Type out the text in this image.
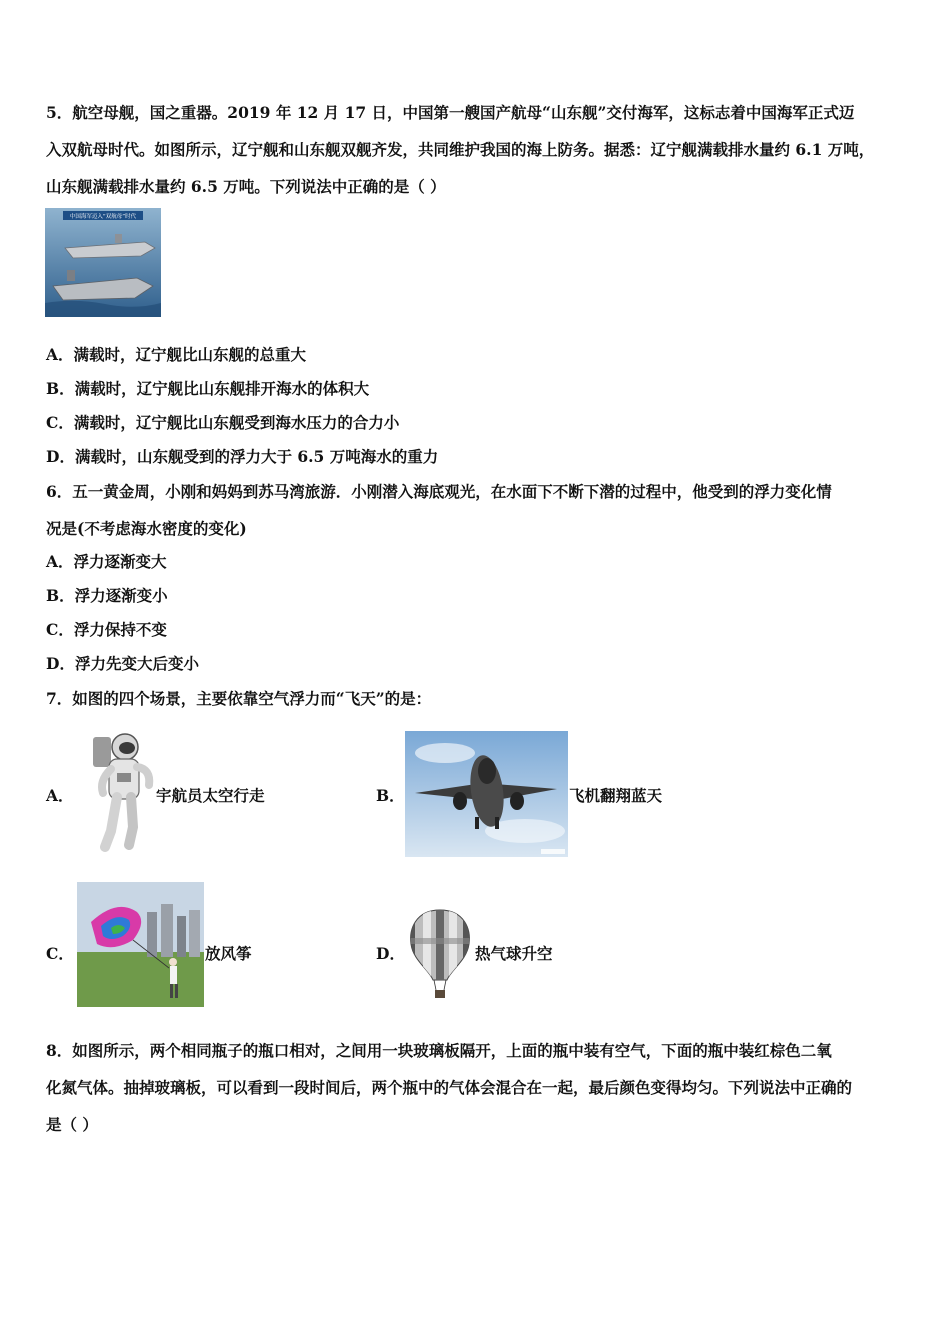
5．航空母舰，国之重器。2019 年 12 月 17 日，中国第一艘国产航母“山东舰”交付海军，这标志着中国海军正式迈
入双航母时代。如图所示，辽宁舰和山东舰双舰齐发，共同维护我国的海上防务。据悉：辽宁舰满载排水量约 6.1 万吨，
山东舰满载排水量约 6.5 万吨。下列说法中正确的是（ ）
中国海军迈入“双航母”时代
A．满载时，辽宁舰比山东舰的总重大
B．满载时，辽宁舰比山东舰排开海水的体积大
C．满载时，辽宁舰比山东舰受到海水压力的合力小
D．满载时，山东舰受到的浮力大于 6.5 万吨海水的重力
6．五一黄金周，小刚和妈妈到苏马湾旅游．小刚潜入海底观光，在水面下不断下潜的过程中，他受到的浮力变化情
况是(不考虑海水密度的变化)
A．浮力逐渐变大
B．浮力逐渐变小
C．浮力保持不变
D．浮力先变大后变小
7．如图的四个场景，主要依靠空气浮力而“飞天”的是：
A．	宇航员太空行走	B．	飞机翻翔蓝天
C．	放风筝	D．	热气球升空
8．如图所示，两个相同瓶子的瓶口相对，之间用一块玻璃板隔开，上面的瓶中装有空气，下面的瓶中装红棕色二氧
化氮气体。抽掉玻璃板，可以看到一段时间后，两个瓶中的气体会混合在一起，最后颜色变得均匀。下列说法中正确的
是（ ）
